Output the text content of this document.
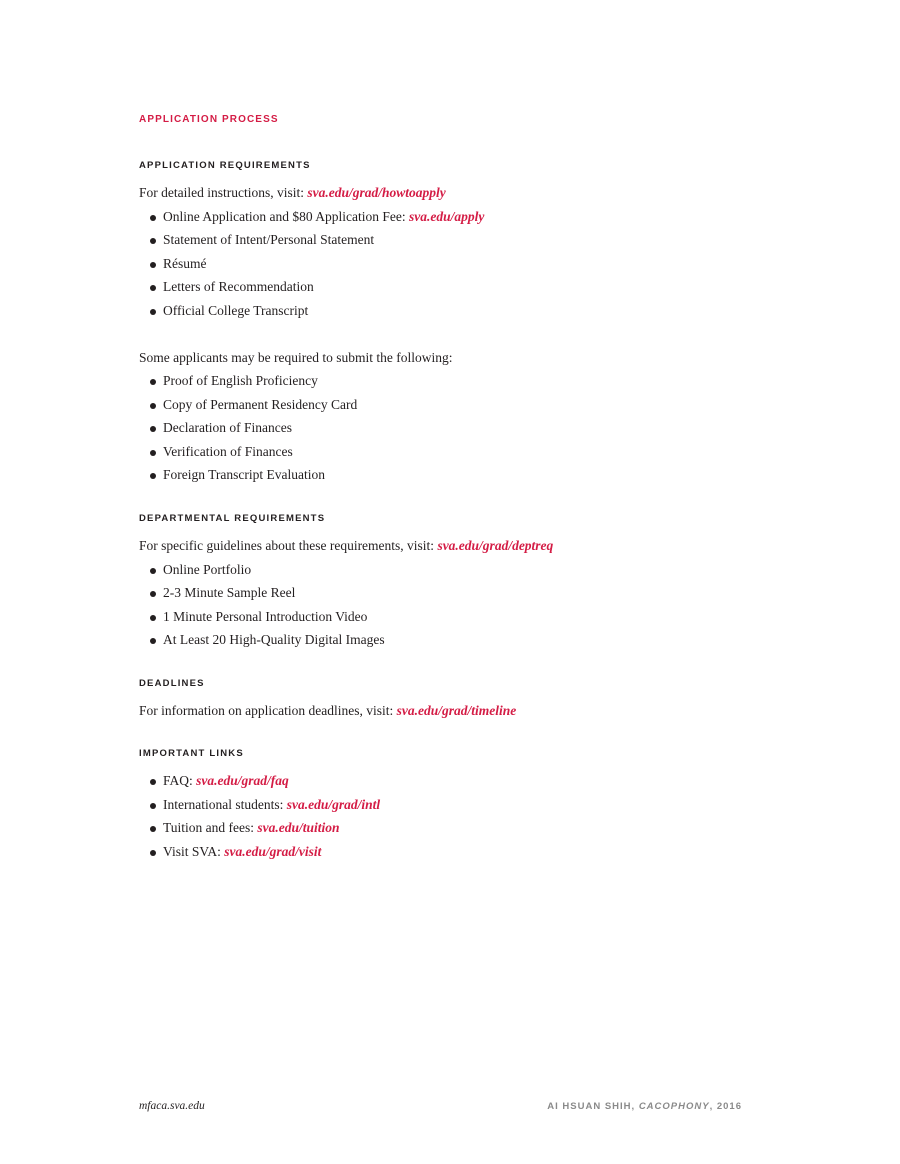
APPLICATION PROCESS
APPLICATION REQUIREMENTS
For detailed instructions, visit: sva.edu/grad/howtoapply
Online Application and $80 Application Fee: sva.edu/apply
Statement of Intent/Personal Statement
Résumé
Letters of Recommendation
Official College Transcript
Some applicants may be required to submit the following:
Proof of English Proficiency
Copy of Permanent Residency Card
Declaration of Finances
Verification of Finances
Foreign Transcript Evaluation
DEPARTMENTAL REQUIREMENTS
For specific guidelines about these requirements, visit: sva.edu/grad/deptreq
Online Portfolio
2-3 Minute Sample Reel
1 Minute Personal Introduction Video
At Least 20 High-Quality Digital Images
DEADLINES
For information on application deadlines, visit: sva.edu/grad/timeline
IMPORTANT LINKS
FAQ: sva.edu/grad/faq
International students: sva.edu/grad/intl
Tuition and fees: sva.edu/tuition
Visit SVA: sva.edu/grad/visit
mfaca.sva.edu	AI HSUAN SHIH, CACOPHONY, 2016
